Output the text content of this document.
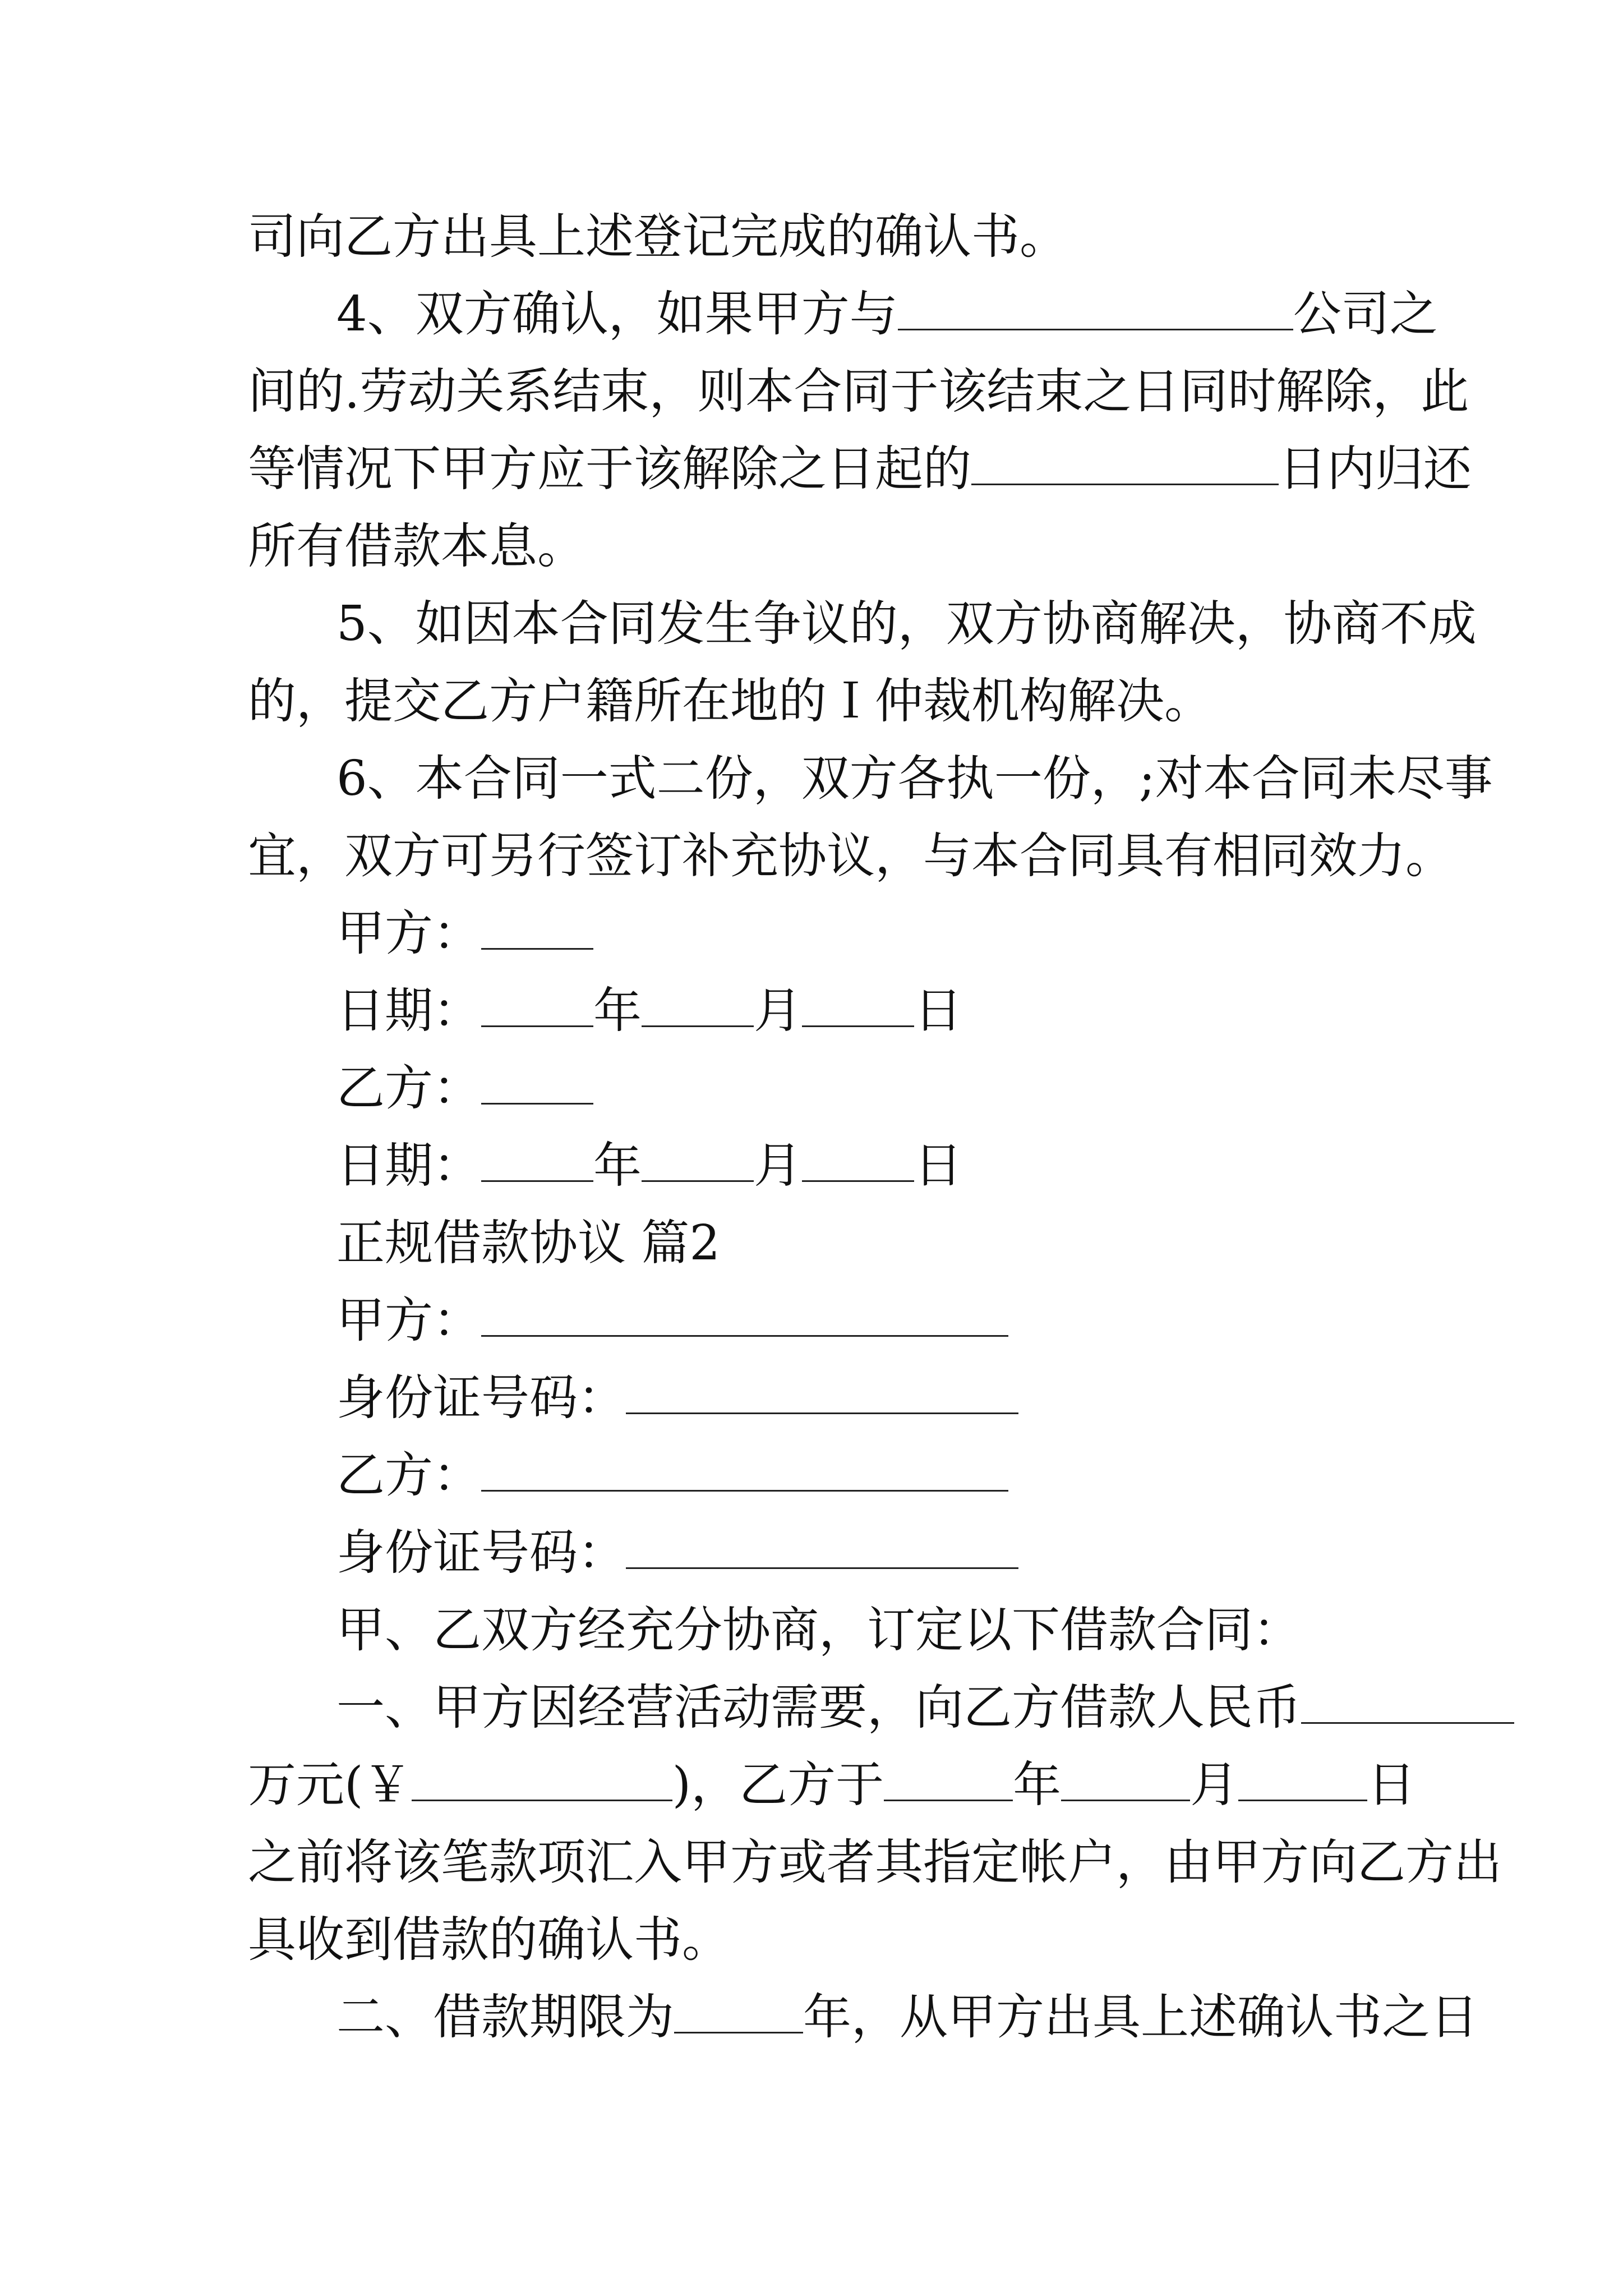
司向乙方出具上述登记完成的确认书。
4、双方确认，如果甲方与	公司之
间的.劳动关系结束，则本合同于该结束之日同时解除，此
等情况下甲方应于该解除之日起的	日内归还
所有借款本息。
5、如因本合同发生争议的，双方协商解决，协商不成
的，提交乙方户籍所在地的Ｉ仲裁机构解决。
6、本合同一式二份，双方各执一份，;对本合同未尽事
宜，双方可另行签订补充协议，与本合同具有相同效力。
甲方：
日期： 年 月 日
乙方：
日期： 年 月 日
正规借款协议 篇2
甲方：
身份证号码：
乙方：
身份证号码：
甲、乙双方经充分协商，订定以下借款合同：
一、甲方因经营活动需要，向乙方借款人民币
万元(￥	)，乙方于	年	月	日
之前将该笔款项汇入甲方或者其指定帐户，由甲方向乙方出
具收到借款的确认书。
二、借款期限为	年，从甲方出具上述确认书之日
